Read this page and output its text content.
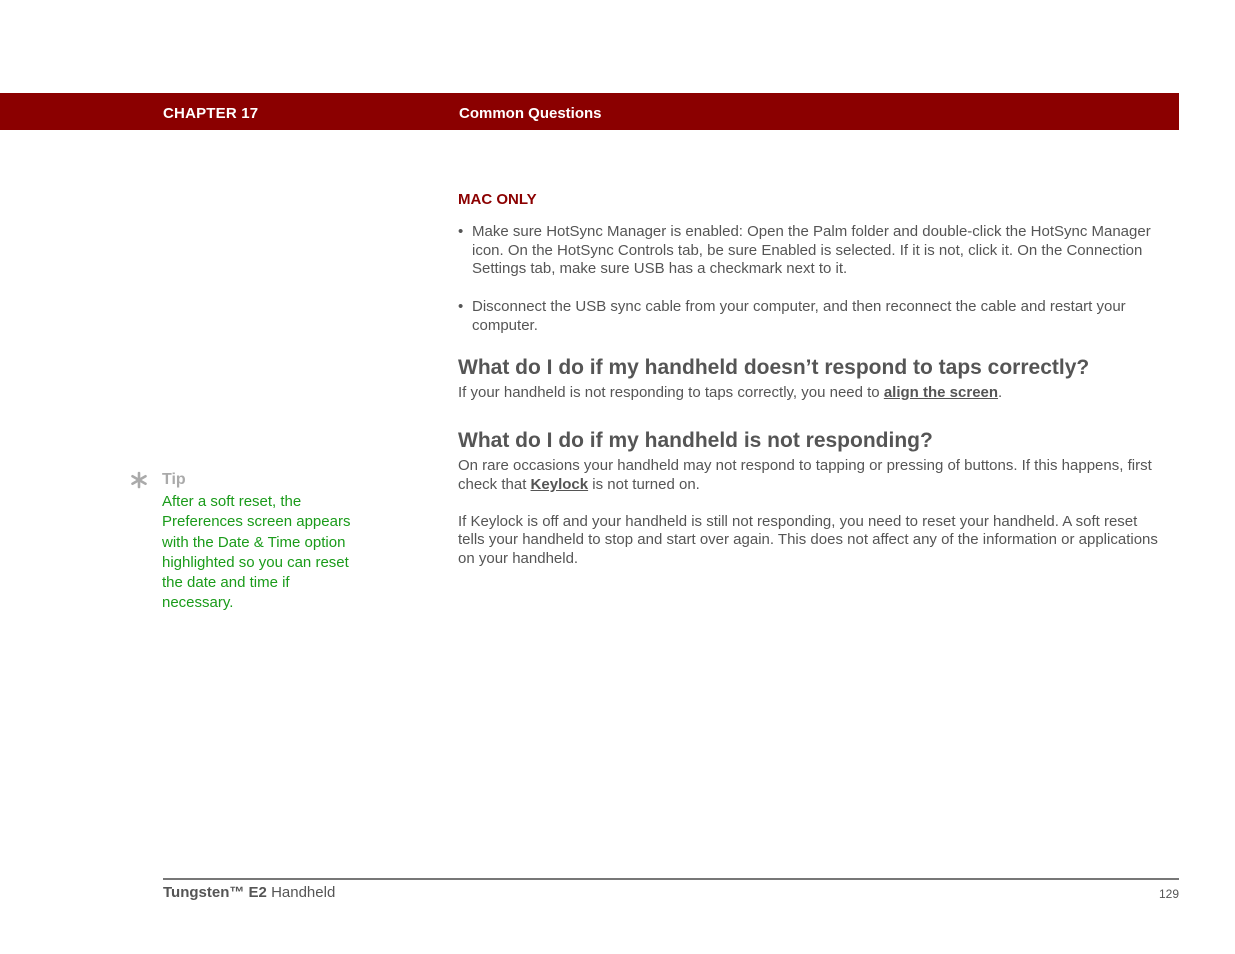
CHAPTER 17	Common Questions
Tip
After a soft reset, the Preferences screen appears with the Date & Time option highlighted so you can reset the date and time if necessary.
MAC ONLY
• Make sure HotSync Manager is enabled: Open the Palm folder and double-click the HotSync Manager icon. On the HotSync Controls tab, be sure Enabled is selected. If it is not, click it. On the Connection Settings tab, make sure USB has a checkmark next to it.
• Disconnect the USB sync cable from your computer, and then reconnect the cable and restart your computer.
What do I do if my handheld doesn’t respond to taps correctly?

If your handheld is not responding to taps correctly, you need to align the screen.

What do I do if my handheld is not responding?

On rare occasions your handheld may not respond to tapping or pressing of buttons. If this happens, first check that Keylock is not turned on.

If Keylock is off and your handheld is still not responding, you need to reset your handheld. A soft reset tells your handheld to stop and start over again. This does not affect any of the information or applications on your handheld.

Tungsten™ E2 Handheld	129
